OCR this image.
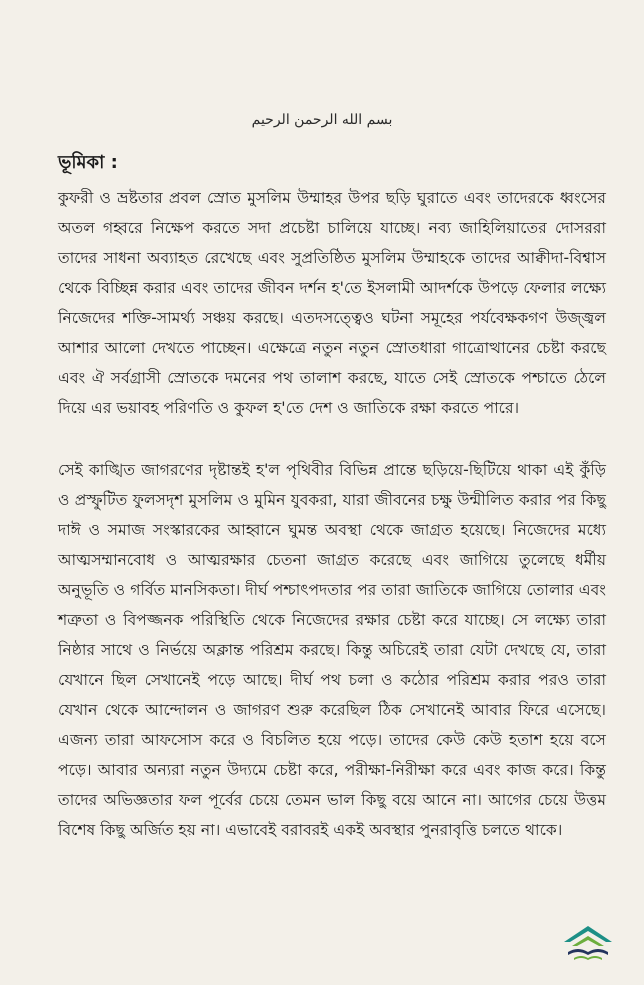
بسم الله الرحمن الرحيم
ভূমিকা :
কুফরী ও ভ্রষ্টতার প্রবল স্রোত মুসলিম উম্মাহর উপর ছড়ি ঘুরাতে এবং তাদেরকে ধ্বংসের অতল গহ্বরে নিক্ষেপ করতে সদা প্রচেষ্টা চালিয়ে যাচ্ছে। নব্য জাহিলিয়াতের দোসররা তাদের সাধনা অব্যাহত রেখেছে এবং সুপ্রতিষ্ঠিত মুসলিম উম্মাহকে তাদের আক্বীদা-বিশ্বাস থেকে বিচ্ছিন্ন করার এবং তাদের জীবন দর্শন হ'তে ইসলামী আদর্শকে উপড়ে ফেলার লক্ষ্যে নিজেদের শক্তি-সামর্থ্য সঞ্চয় করছে। এতদসত্ত্বেও ঘটনা সমূহের পর্যবেক্ষকগণ উজ্জ্বল আশার আলো দেখতে পাচ্ছেন। এক্ষেত্রে নতুন নতুন স্রোতধারা গাত্রোত্থানের চেষ্টা করছে এবং ঐ সর্বগ্রাসী স্রোতকে দমনের পথ তালাশ করছে, যাতে সেই স্রোতকে পশ্চাতে ঠেলে দিয়ে এর ভয়াবহ পরিণতি ও কুফল হ'তে দেশ ও জাতিকে রক্ষা করতে পারে।
সেই কাঙ্খিত জাগরণের দৃষ্টান্তই হ'ল পৃথিবীর বিভিন্ন প্রান্তে ছড়িয়ে-ছিটিয়ে থাকা এই কুঁড়ি ও প্রস্ফুটিত ফুলসদৃশ মুসলিম ও মুমিন যুবকরা, যারা জীবনের চক্ষু উন্মীলিত করার পর কিছু দাঈ ও সমাজ সংস্কারকের আহ্বানে ঘুমন্ত অবস্থা থেকে জাগ্রত হয়েছে। নিজেদের মধ্যে আত্মসম্মানবোধ ও আত্মরক্ষার চেতনা জাগ্রত করেছে এবং জাগিয়ে তুলেছে ধর্মীয় অনুভূতি ও গর্বিত মানসিকতা। দীর্ঘ পশ্চাৎপদতার পর তারা জাতিকে জাগিয়ে তোলার এবং শত্রুতা ও বিপজ্জনক পরিস্থিতি থেকে নিজেদের রক্ষার চেষ্টা করে যাচ্ছে। সে লক্ষ্যে তারা নিষ্ঠার সাথে ও নির্ভয়ে অক্লান্ত পরিশ্রম করছে। কিন্তু অচিরেই তারা যেটা দেখছে যে, তারা যেখানে ছিল সেখানেই পড়ে আছে। দীর্ঘ পথ চলা ও কঠোর পরিশ্রম করার পরও তারা যেখান থেকে আন্দোলন ও জাগরণ শুরু করেছিল ঠিক সেখানেই আবার ফিরে এসেছে। এজন্য তারা আফসোস করে ও বিচলিত হয়ে পড়ে। তাদের কেউ কেউ হতাশ হয়ে বসে পড়ে। আবার অন্যরা নতুন উদ্যমে চেষ্টা করে, পরীক্ষা-নিরীক্ষা করে এবং কাজ করে। কিন্তু তাদের অভিজ্ঞতার ফল পূর্বের চেয়ে তেমন ভাল কিছু বয়ে আনে না। আগের চেয়ে উত্তম বিশেষ কিছু অর্জিত হয় না। এভাবেই বরাবরই একই অবস্থার পুনরাবৃত্তি চলতে থাকে।
